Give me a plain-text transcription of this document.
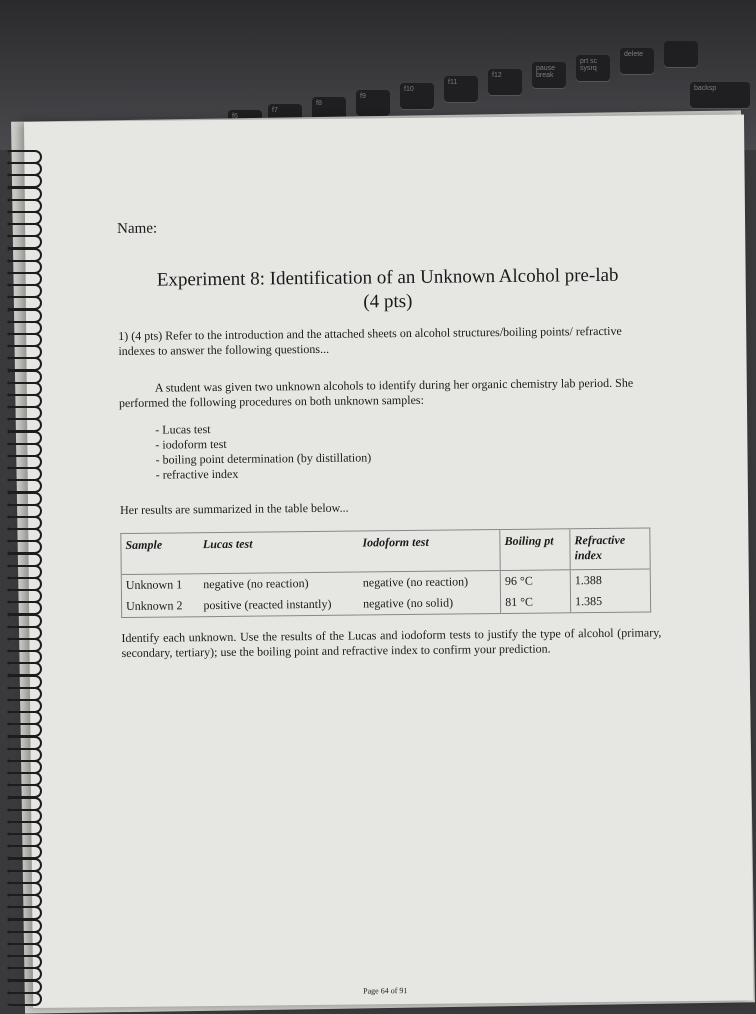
f6
f7
f8
f9
f10
f11
f12
pause break
prt sc sysrq
delete
backsp
Name:
Experiment 8: Identification of an Unknown Alcohol pre-lab
(4 pts)
1) (4 pts) Refer to the introduction and the attached sheets on alcohol structures/boiling points/ refractive indexes to answer the following questions...
A student was given two unknown alcohols to identify during her organic chemistry lab period. She performed the following procedures on both unknown samples:
- Lucas test
- iodoform test
- boiling point determination (by distillation)
- refractive index
Her results are summarized in the table below...
Sample	Lucas test	Iodoform test	Boiling pt	Refractive index
Unknown 1	negative (no reaction)	negative (no reaction)	96 °C	1.388
Unknown 2	positive (reacted instantly)	negative (no solid)	81 °C	1.385
Identify each unknown. Use the results of the Lucas and iodoform tests to justify the type of alcohol (primary, secondary, tertiary); use the boiling point and refractive index to confirm your prediction.
Page 64 of 91
